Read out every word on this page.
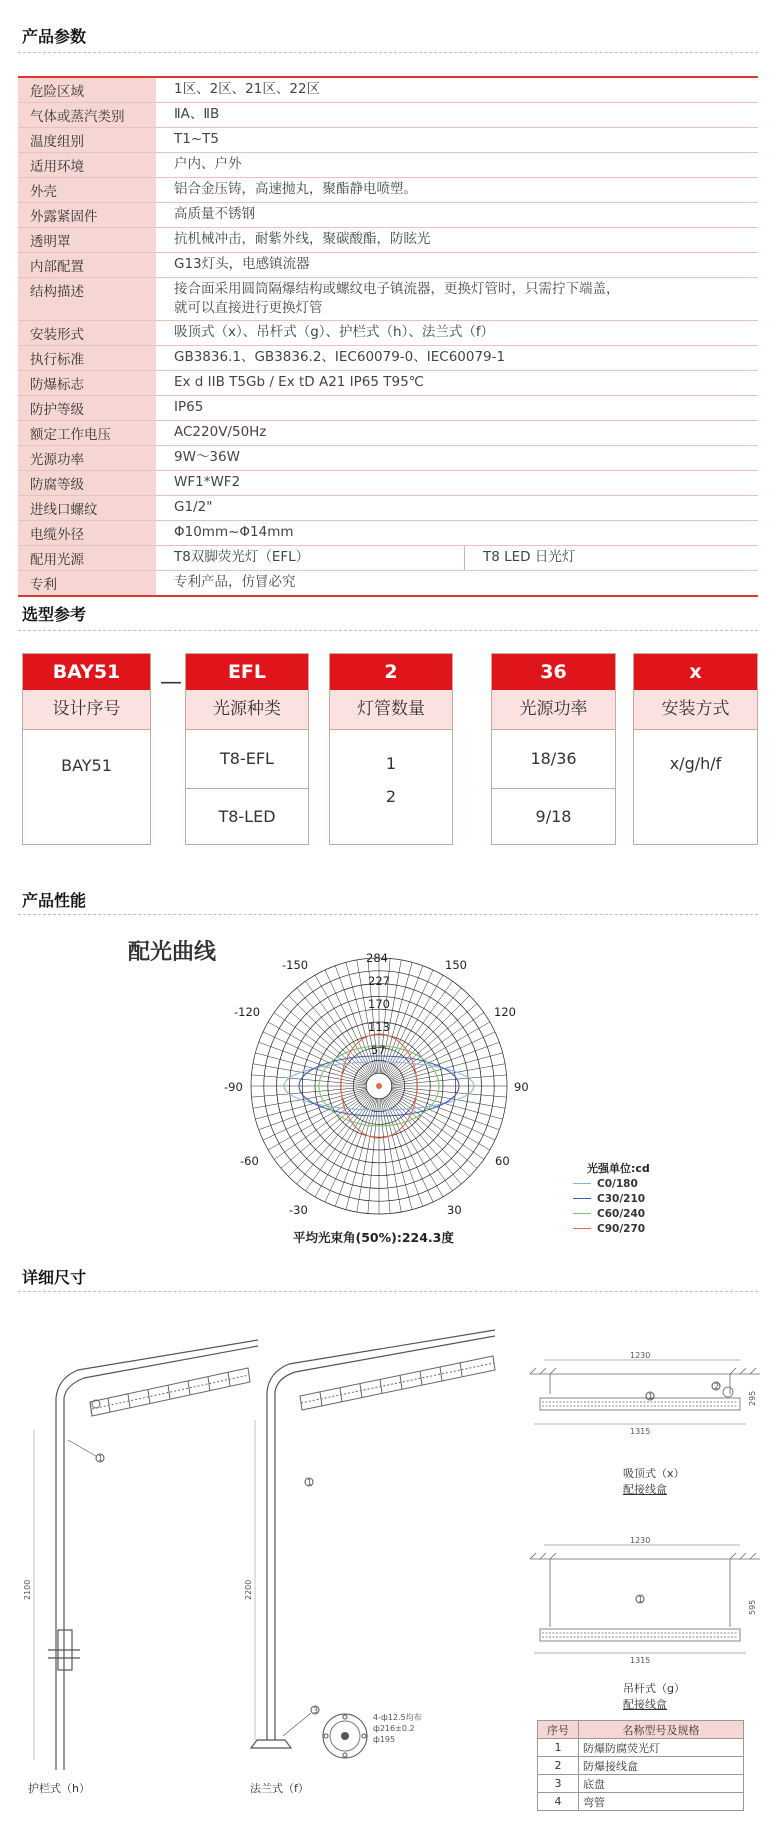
产品参数
危险区域	1区、2区、21区、22区
气体或蒸汽类别	ⅡA、ⅡB
温度组别	T1~T5
适用环境	户内、户外
外壳	铝合金压铸，高速抛丸，聚酯静电喷塑。
外露紧固件	高质量不锈钢
透明罩	抗机械冲击，耐紫外线，聚碳酸酯，防眩光
内部配置	G13灯头，电感镇流器
结构描述	接合面采用圆筒隔爆结构或螺纹电子镇流器，更换灯管时，只需拧下端盖，
就可以直接进行更换灯管
安装形式	吸顶式（x）、吊杆式（g）、护栏式（h）、法兰式（f）
执行标准	GB3836.1、GB3836.2、IEC60079-0、IEC60079-1
防爆标志	Ex d IIB T5Gb / Ex tD A21 IP65 T95℃
防护等级	IP65
额定工作电压	AC220V/50Hz
光源功率	9W～36W
防腐等级	WF1*WF2
进线口螺纹	G1/2"
电缆外径	Φ10mm~Φ14mm
配用光源	T8双脚荧光灯（EFL）	T8 LED 日光灯
专利	专利产品，仿冒必究
选型参考
—
BAY51
设计序号
BAY51
EFL
光源种类
T8-EFL
T8-LED
2
灯管数量
1
2
36
光源功率
18/36
9/18
x
安装方式
x/g/h/f
产品性能
配光曲线	284
227
170
113
57
-150	150
-120	120
-90	90
-60	60
-30	30
平均光束角(50%):224.3度
光强单位:cd
C0/180
C30/210
C60/240
C90/270
详细尺寸
2100
1
护栏式（h）
2200
1
3
4-ф12.5均布
ф216±0.2
ф195
法兰式（f）
1230
1315
295
1
2
吸顶式（x）
配接线盒
1230
1315
595
1
吊杆式（g）
配接线盒
序号	名称型号及规格
1	防爆防腐荧光灯
2	防爆接线盒
3	底盘
4	弯管
